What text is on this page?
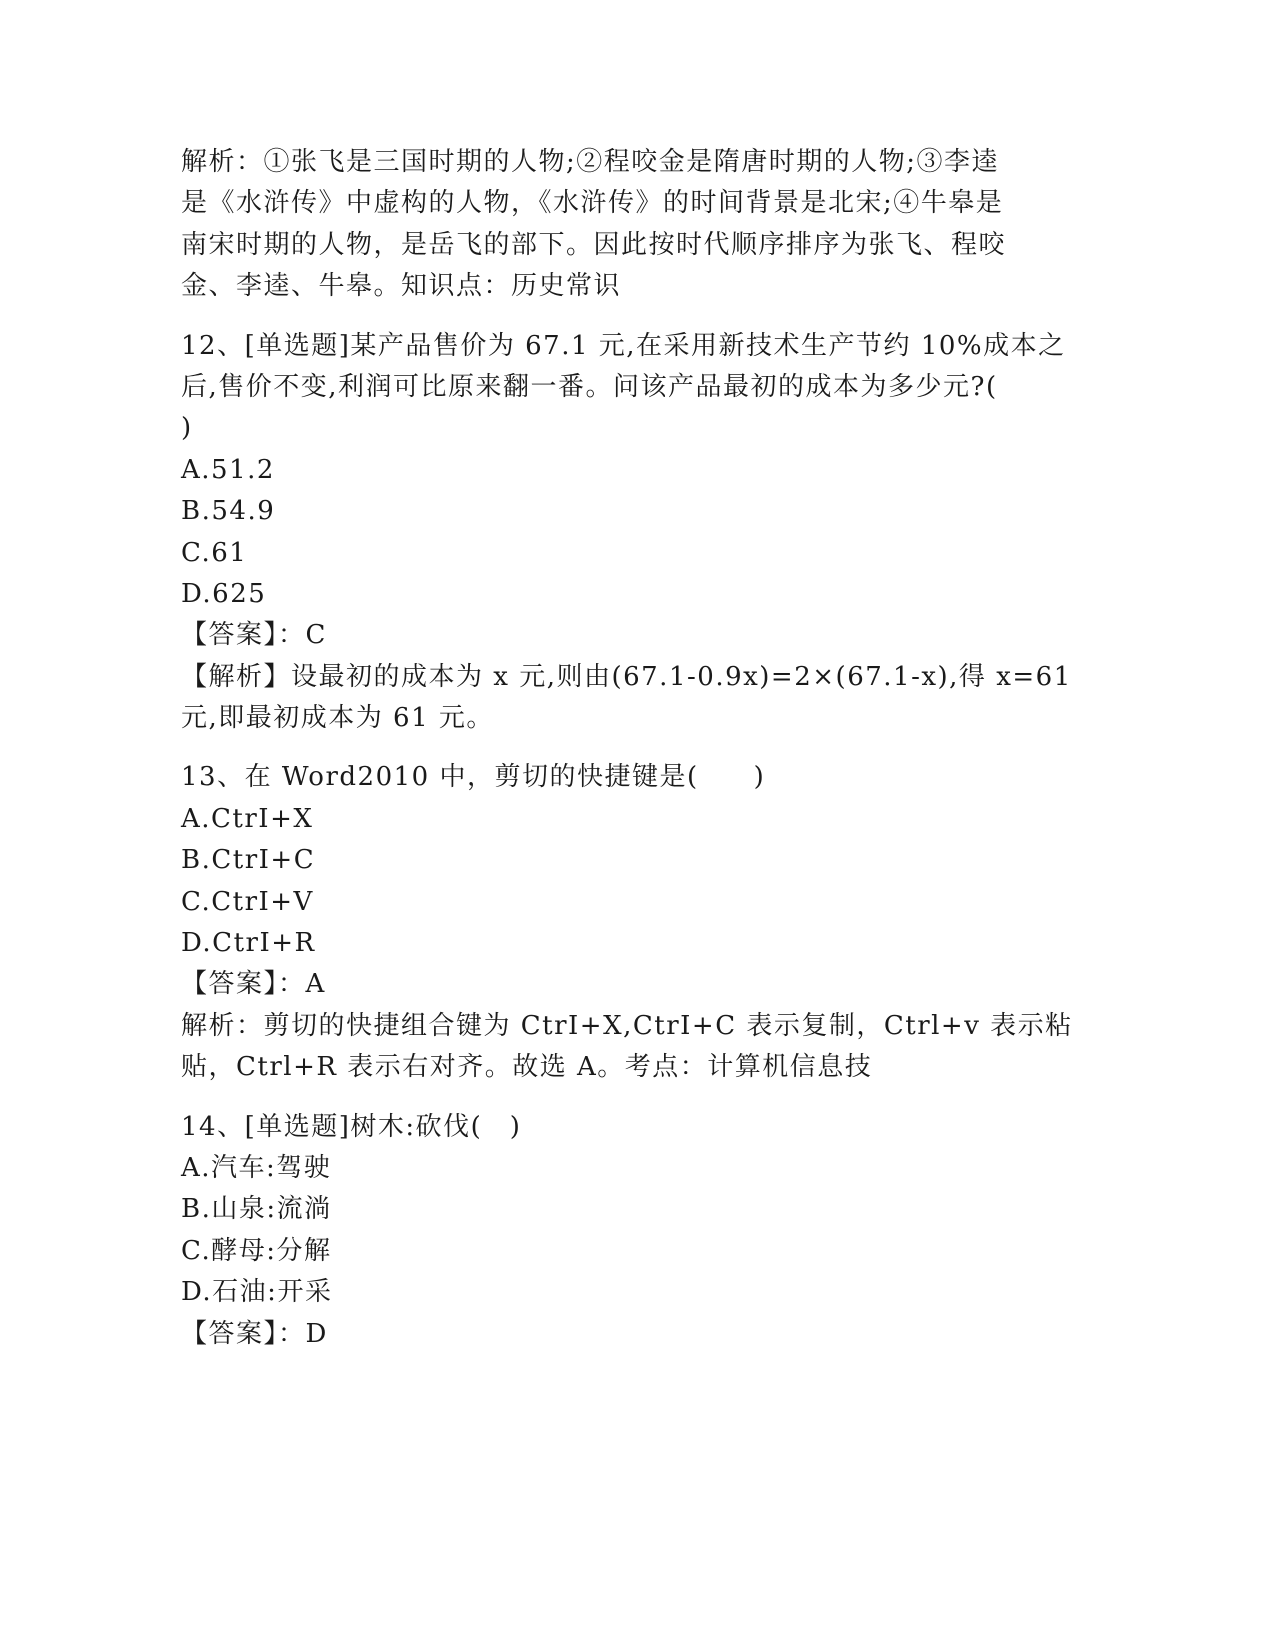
解析：①张飞是三国时期的人物;②程咬金是隋唐时期的人物;③李逵
是《水浒传》中虚构的人物，《水浒传》的时间背景是北宋;④牛皋是
南宋时期的人物，是岳飞的部下。因此按时代顺序排序为张飞、程咬
金、李逵、牛皋。知识点：历史常识
12、[单选题]某产品售价为 67.1 元,在采用新技术生产节约 10%成本之
后,售价不变,利润可比原来翻一番。问该产品最初的成本为多少元?(
)
A.51.2
B.54.9
C.61
D.625
【答案】：C
【解析】设最初的成本为 x 元,则由(67.1-0.9x)=2×(67.1-x),得 x=61
元,即最初成本为 61 元。
13、在 Word2010 中，剪切的快捷键是(　　)
A.CtrI+X
B.CtrI+C
C.CtrI+V
D.CtrI+R
【答案】：A
解析：剪切的快捷组合键为 CtrI+X,CtrI+C 表示复制，Ctrl+v 表示粘
贴，Ctrl+R 表示右对齐。故选 A。考点：计算机信息技
14、[单选题]树木:砍伐(　)
A.汽车:驾驶
B.山泉:流淌
C.酵母:分解
D.石油:开采
【答案】：D
